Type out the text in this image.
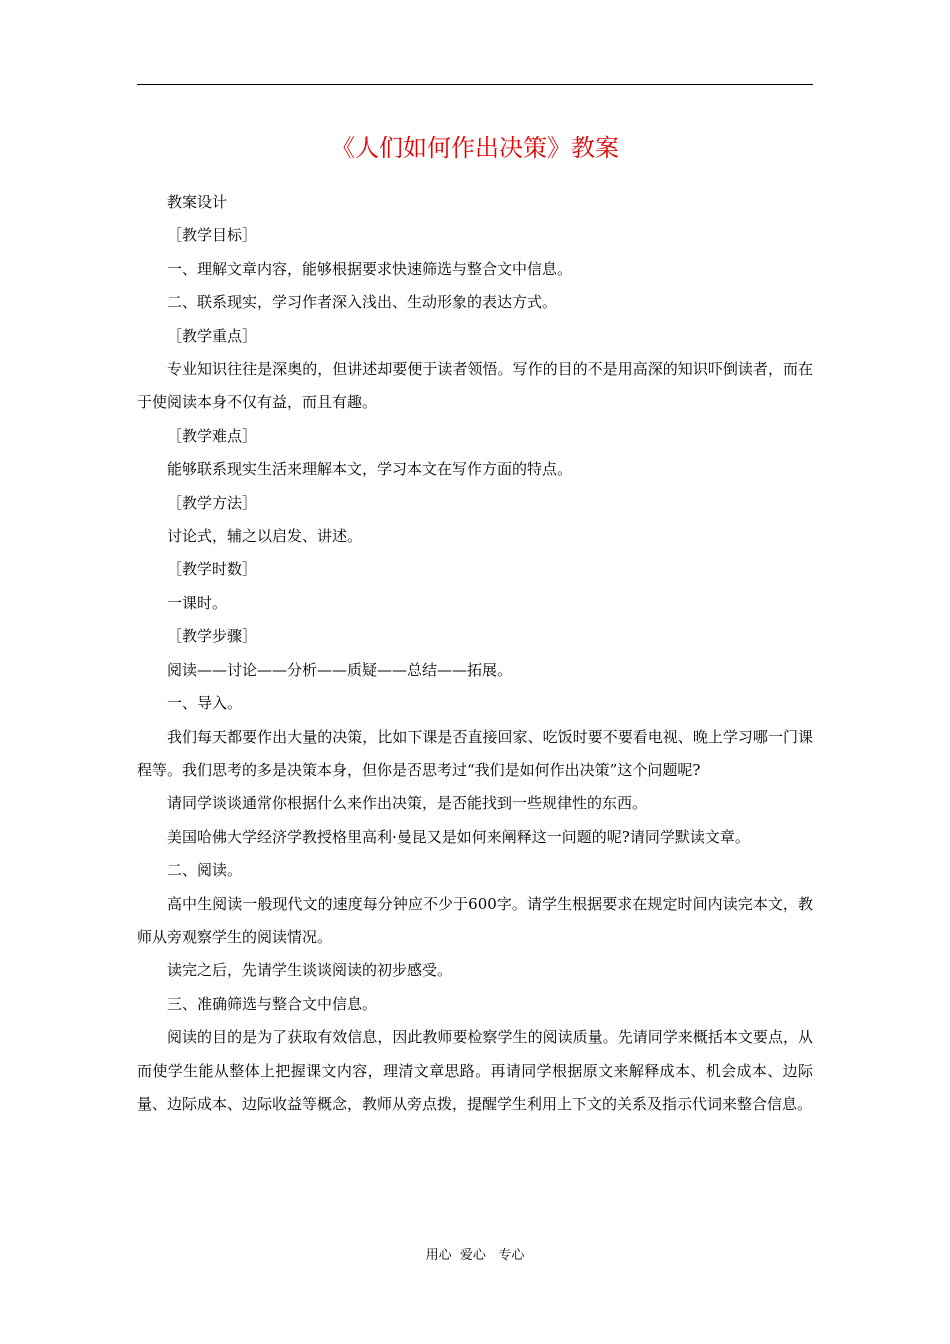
《人们如何作出决策》教案

教案设计

［教学目标］

一、理解文章内容，能够根据要求快速筛选与整合文中信息。

二、联系现实，学习作者深入浅出、生动形象的表达方式。

［教学重点］

专业知识往往是深奥的，但讲述却要便于读者领悟。写作的目的不是用高深的知识吓倒读者，而在于使阅读本身不仅有益，而且有趣。

［教学难点］

能够联系现实生活来理解本文，学习本文在写作方面的特点。

［教学方法］

讨论式，辅之以启发、讲述。

［教学时数］

一课时。

［教学步骤］

阅读——讨论——分析——质疑——总结——拓展。

一、导入。

我们每天都要作出大量的决策，比如下课是否直接回家、吃饭时要不要看电视、晚上学习哪一门课程等。我们思考的多是决策本身，但你是否思考过“我们是如何作出决策”这个问题呢?

请同学谈谈通常你根据什么来作出决策，是否能找到一些规律性的东西。

美国哈佛大学经济学教授格里高利·曼昆又是如何来阐释这一问题的呢?请同学默读文章。

二、阅读。

高中生阅读一般现代文的速度每分钟应不少于600字。请学生根据要求在规定时间内读完本文，教师从旁观察学生的阅读情况。

读完之后，先请学生谈谈阅读的初步感受。

三、准确筛选与整合文中信息。

阅读的目的是为了获取有效信息，因此教师要检察学生的阅读质量。先请同学来概括本文要点，从而使学生能从整体上把握课文内容，理清文章思路。再请同学根据原文来解释成本、机会成本、边际量、边际成本、边际收益等概念，教师从旁点拨，提醒学生利用上下文的关系及指示代词来整合信息。

用心  爱心   专心
